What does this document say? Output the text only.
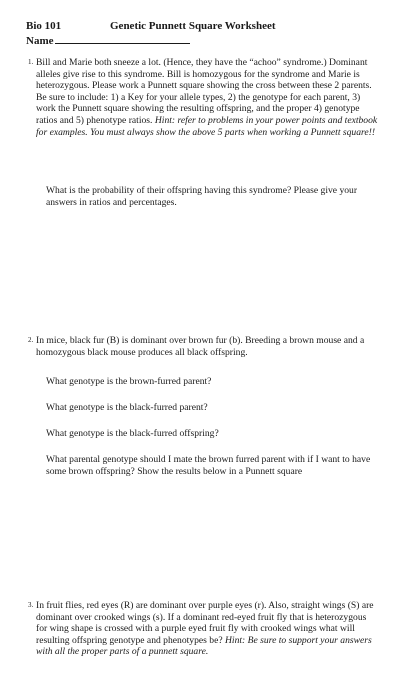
Bio 101	Genetic Punnett Square Worksheet
Name
1. Bill and Marie both sneeze a lot. (Hence, they have the “achoo” syndrome.) Dominant alleles give rise to this syndrome. Bill is homozygous for the syndrome and Marie is heterozygous. Please work a Punnett square showing the cross between these 2 parents. Be sure to include: 1) a Key for your allele types, 2) the genotype for each parent, 3) work the Punnett square showing the resulting offspring, and the proper 4) genotype ratios and 5) phenotype ratios. Hint: refer to problems in your power points and textbook for examples. You must always show the above 5 parts when working a Punnett square!!

What is the probability of their offspring having this syndrome? Please give your answers in ratios and percentages.
2. In mice, black fur (B) is dominant over brown fur (b). Breeding a brown mouse and a homozygous black mouse produces all black offspring.

What genotype is the brown-furred parent?
What genotype is the black-furred parent?
What genotype is the black-furred offspring?
What parental genotype should I mate the brown furred parent with if I want to have some brown offspring? Show the results below in a Punnett square
3. In fruit flies, red eyes (R) are dominant over purple eyes (r). Also, straight wings (S) are dominant over crooked wings (s). If a dominant red-eyed fruit fly that is heterozygous for wing shape is crossed with a purple eyed fruit fly with crooked wings what will resulting offspring genotype and phenotypes be? Hint: Be sure to support your answers with all the proper parts of a punnett square.
